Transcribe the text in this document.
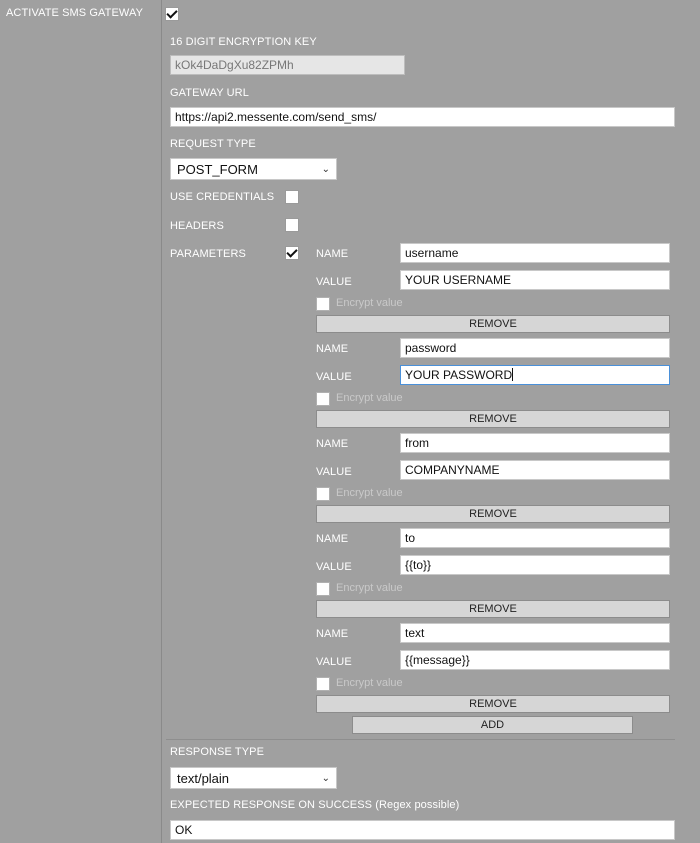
ACTIVATE SMS GATEWAY
16 DIGIT ENCRYPTION KEY
kOk4DaDgXu82ZPMh
GATEWAY URL
https://api2.messente.com/send_sms/
REQUEST TYPE
POST_FORM	⌄
USE CREDENTIALS
HEADERS
PARAMETERS	NAME	username
VALUE	YOUR USERNAME
Encrypt value
REMOVE
NAME	password
VALUE	YOUR PASSWORD
Encrypt value
REMOVE
NAME	from
VALUE	COMPANYNAME
Encrypt value
REMOVE
NAME	to
VALUE	{{to}}
Encrypt value
REMOVE
NAME	text
VALUE	{{message}}
Encrypt value
REMOVE
ADD
RESPONSE TYPE
text/plain	⌄
EXPECTED RESPONSE ON SUCCESS (Regex possible)
OK
